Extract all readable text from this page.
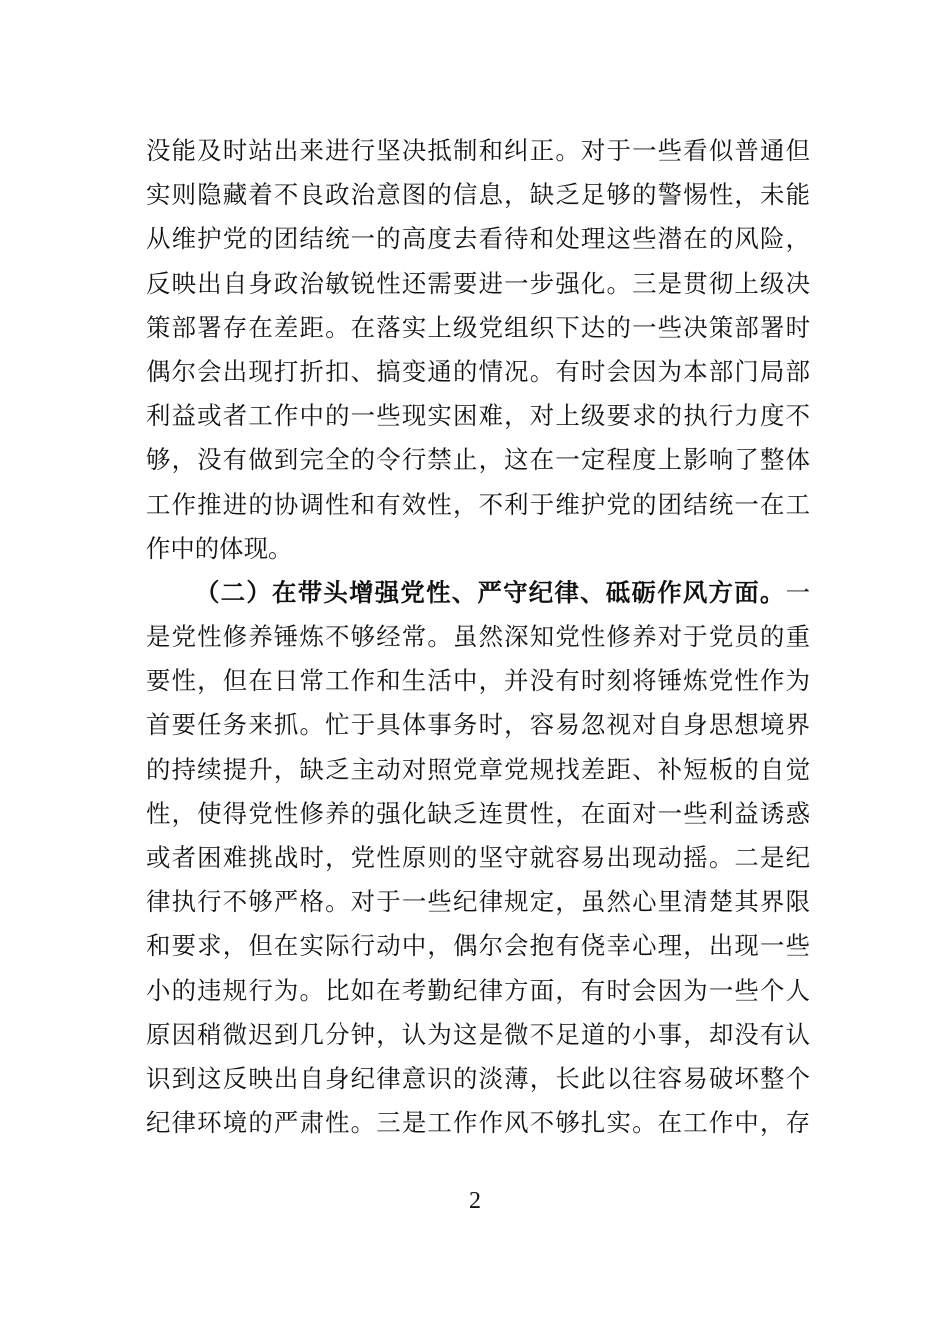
没能及时站出来进行坚决抵制和纠正。对于一些看似普通但
实则隐藏着不良政治意图的信息，缺乏足够的警惕性，未能
从维护党的团结统一的高度去看待和处理这些潜在的风险，
反映出自身政治敏锐性还需要进一步强化。三是贯彻上级决
策部署存在差距。在落实上级党组织下达的一些决策部署时
偶尔会出现打折扣、搞变通的情况。有时会因为本部门局部
利益或者工作中的一些现实困难，对上级要求的执行力度不
够，没有做到完全的令行禁止，这在一定程度上影响了整体
工作推进的协调性和有效性，不利于维护党的团结统一在工
作中的体现。
（二）在带头增强党性、严守纪律、砥砺作风方面。一
是党性修养锤炼不够经常。虽然深知党性修养对于党员的重
要性，但在日常工作和生活中，并没有时刻将锤炼党性作为
首要任务来抓。忙于具体事务时，容易忽视对自身思想境界
的持续提升，缺乏主动对照党章党规找差距、补短板的自觉
性，使得党性修养的强化缺乏连贯性，在面对一些利益诱惑
或者困难挑战时，党性原则的坚守就容易出现动摇。二是纪
律执行不够严格。对于一些纪律规定，虽然心里清楚其界限
和要求，但在实际行动中，偶尔会抱有侥幸心理，出现一些
小的违规行为。比如在考勤纪律方面，有时会因为一些个人
原因稍微迟到几分钟，认为这是微不足道的小事，却没有认
识到这反映出自身纪律意识的淡薄，长此以往容易破坏整个
纪律环境的严肃性。三是工作作风不够扎实。在工作中，存
2
